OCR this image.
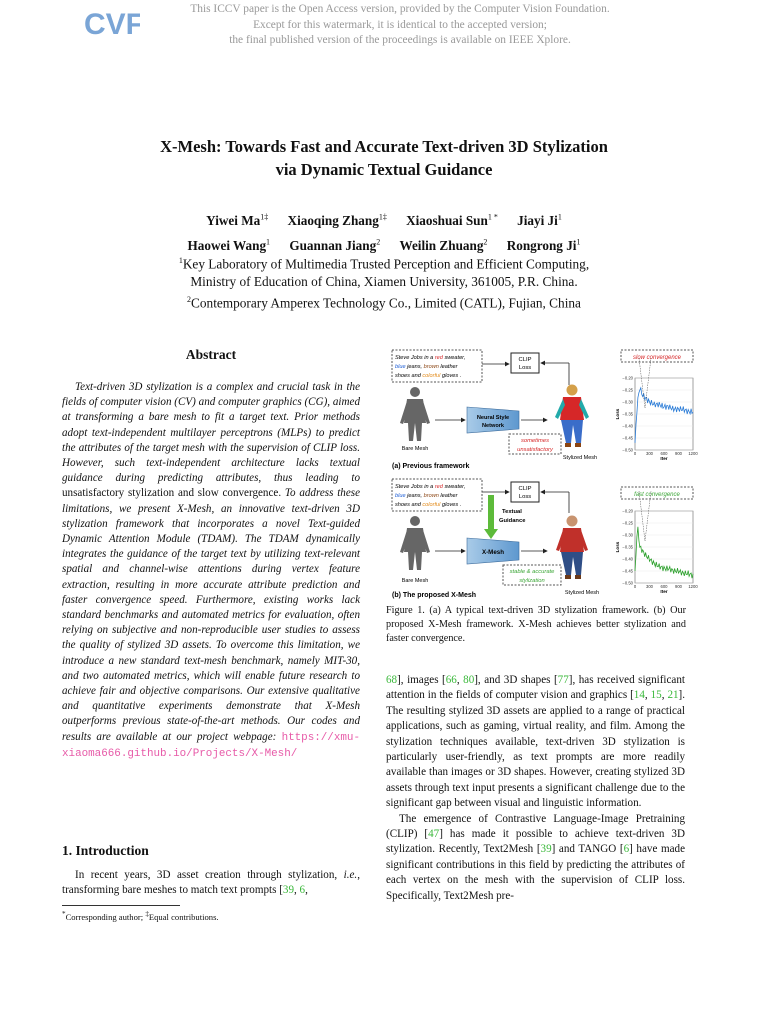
This ICCV paper is the Open Access version, provided by the Computer Vision Foundation.
Except for this watermark, it is identical to the accepted version;
the final published version of the proceedings is available on IEEE Xplore.
CVF
X-Mesh: Towards Fast and Accurate Text-driven 3D Stylization
via Dynamic Textual Guidance
Yiwei $Ma^{1\ddagger}$ Xiaoqing Zhang$^{1\ddagger}$ Xiaoshuai Sun$^{1 *}$ Jiayi Ji$^1$
Haowei Wang$^1$ Guannan Jiang$^2$ Weilin Zhuang$^2$ Rongrong Ji$^1$
$^1$Key Laboratory of Multimedia Trusted Perception and Efficient Computing,
Ministry of Education of China, Xiamen University, 361005, P.R. China.
$^2$Contemporary Amperex Technology Co., Limited (CATL), Fujian, China
Abstract
Text-driven 3D stylization is a complex and crucial task in the fields of computer vision (CV) and computer graphics (CG), aimed at transforming a bare mesh to fit a target text. Prior methods adopt text-independent multilayer perceptrons (MLPs) to predict the attributes of the target mesh with the supervision of CLIP loss. However, such text-independent architecture lacks textual guidance during predicting attributes, thus leading to unsatisfactory stylization and slow convergence. To address these limitations, we present X-Mesh, an innovative text-driven 3D stylization framework that incorporates a novel Text-guided Dynamic Attention Module (TDAM). The TDAM dynamically integrates the guidance of the target text by utilizing text-relevant spatial and channel-wise attentions during vertex feature extraction, resulting in more accurate attribute prediction and faster convergence speed. Furthermore, existing works lack standard benchmarks and automated metrics for evaluation, often relying on subjective and non-reproducible user studies to assess the quality of stylized 3D assets. To overcome this limitation, we introduce a new standard text-mesh benchmark, namely MIT-30, and two automated metrics, which will enable future research to achieve fair and objective comparisons. Our extensive qualitative and quantitative experiments demonstrate that X-Mesh outperforms previous state-of-the-art methods. Our codes and results are available at our project webpage: https://xmu-xiaoma666.github.io/Projects/X-Mesh/
1. Introduction
In recent years, 3D asset creation through stylization, i.e., transforming bare meshes to match text prompts [39, 6,
*Corresponding author; ‡Equal contributions.
Steve Jobs in a red sweater, blue jeans, brown leather shoes and colorful gloves .
CLIP
Loss
Bare Mesh
Neural Style
Network
Stylized Mesh
sometimes
unsatisfactory
(a) Previous framework
slow convergence
−0.20
−0.25
−0.30
−0.35
−0.40
−0.45
−0.50
0 300 600 900 1200
Iter
Loss
Steve Jobs in a red sweater, blue jeans, brown leather shoes and colorful gloves .
CLIP
Loss
Textual
Guidance
Bare Mesh
X-Mesh
Stylized Mesh
stable & accurate
stylization
(b) The proposed X-Mesh
fast convergence
−0.20
−0.25
−0.30
−0.35
−0.40
−0.45
−0.50
0 300 600 900 1200
Iter
Loss
Figure 1. (a) A typical text-driven 3D stylization framework. (b) Our proposed X-Mesh framework. X-Mesh achieves better stylization and faster convergence.

68], images [66, 80], and 3D shapes [77], has received significant attention in the fields of computer vision and graphics [14, 15, 21]. The resulting stylized 3D assets are applied to a range of practical applications, such as gaming, virtual reality, and film. Among the stylization techniques available, text-driven 3D stylization is particularly user-friendly, as text prompts are more readily available than images or 3D shapes. However, creating stylized 3D assets through text input presents a significant challenge due to the significant gap between visual and linguistic information.

The emergence of Contrastive Language-Image Pretraining (CLIP) [47] has made it possible to achieve text-driven 3D stylization. Recently, Text2Mesh [39] and TANGO [6] have made significant contributions in this field by predicting the attributes of each vertex on the mesh with the supervision of CLIP loss. Specifically, Text2Mesh pre-
